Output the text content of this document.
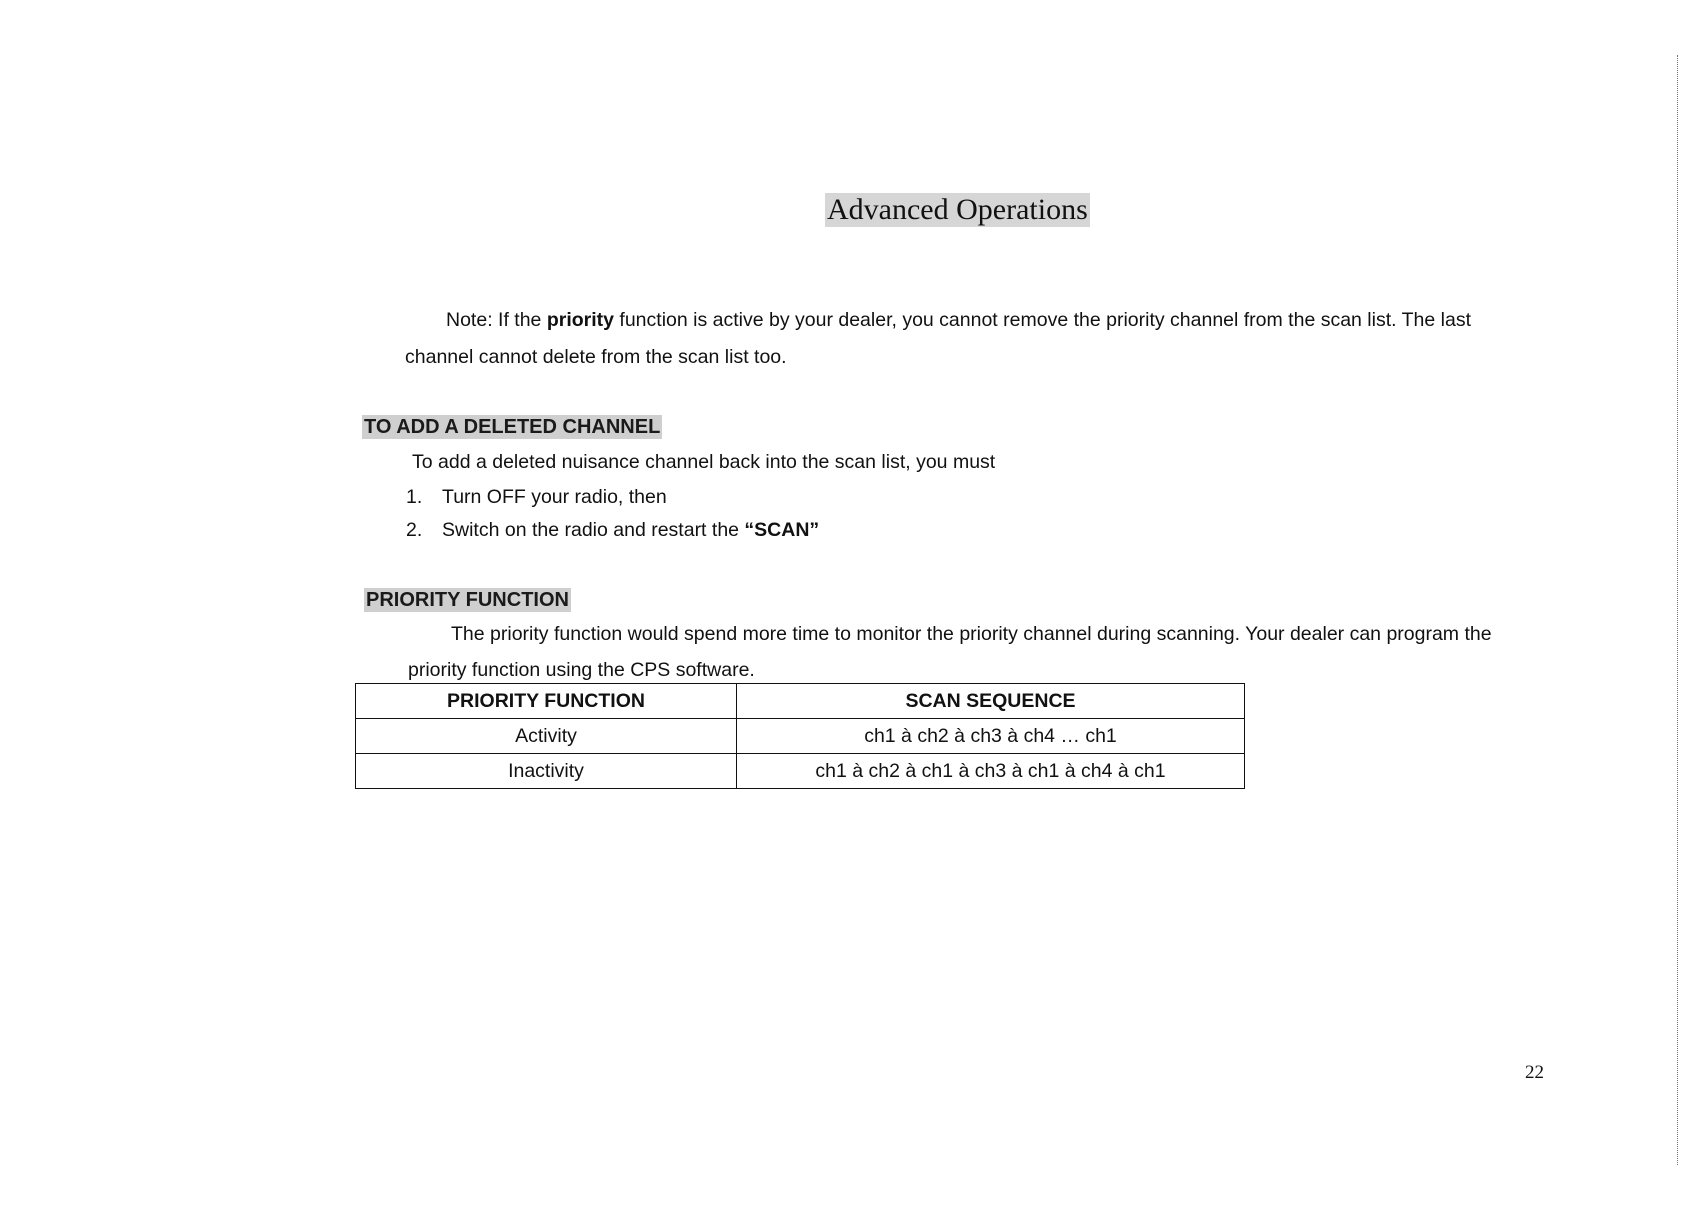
Advanced Operations
Note: If the priority function is active by your dealer, you cannot remove the priority channel from the scan list. The last
channel cannot delete from the scan list too.
TO ADD A DELETED CHANNEL
To add a deleted nuisance channel back into the scan list, you must
1. Turn OFF your radio, then
2. Switch on the radio and restart the “SCAN”
PRIORITY FUNCTION
The priority function would spend more time to monitor the priority channel during scanning. Your dealer can program the
priority function using the CPS software.
PRIORITY FUNCTION	SCAN SEQUENCE
Activity	ch1 à ch2 à ch3 à ch4 … ch1
Inactivity	ch1 à ch2 à ch1 à ch3 à ch1 à ch4 à ch1
22
